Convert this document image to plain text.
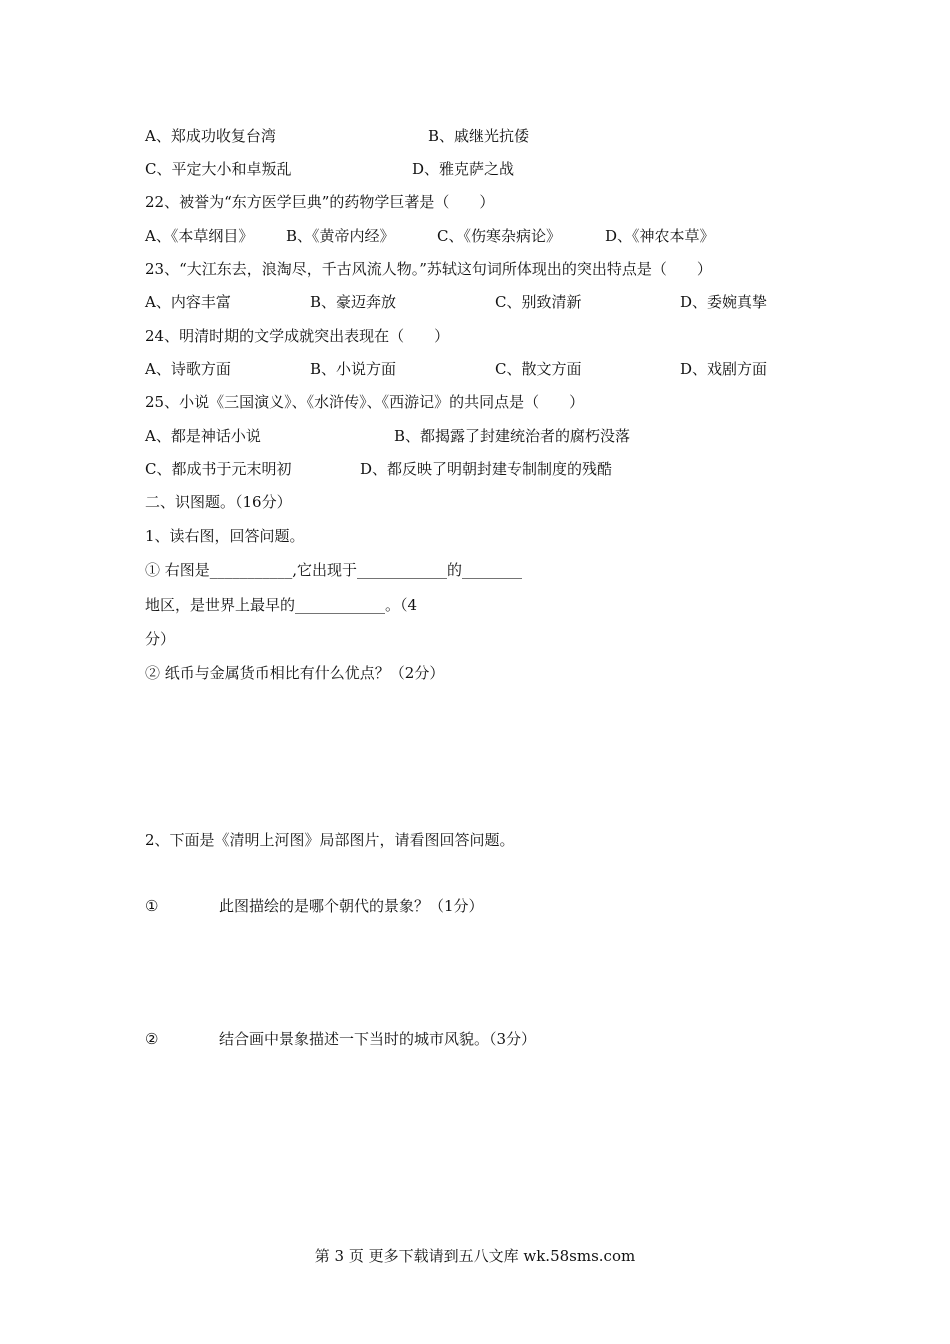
A、郑成功收复台湾	B、戚继光抗倭
C、平定大小和卓叛乱	D、雅克萨之战
22、被誉为“东方医学巨典”的药物学巨著是（　　）
A、《本草纲目》 B、《黄帝内经》	C、《伤寒杂病论》	D、《神农本草》
23、“大江东去，浪淘尽，千古风流人物。”苏轼这句词所体现出的突出特点是（　　）
A、内容丰富	B、豪迈奔放	C、别致清新	D、委婉真挚
24、明清时期的文学成就突出表现在（　　）
A、诗歌方面	B、小说方面	C、散文方面	D、戏剧方面
25、小说《三国演义》、《水浒传》、《西游记》的共同点是（　　）
A、都是神话小说	B、都揭露了封建统治者的腐朽没落
C、都成书于元末明初	D、都反映了明朝封建专制制度的残酷
二、识图题。（16分）
1、读右图，回答问题。
① 右图是___________,它出现于____________的________
地区，是世界上最早的____________。（4
分）
② 纸币与金属货币相比有什么优点？（2分）
2、下面是《清明上河图》局部图片，请看图回答问题。
①	此图描绘的是哪个朝代的景象？（1分）
②	结合画中景象描述一下当时的城市风貌。（3分）
第 3 页 更多下载请到五八文库 wk.58sms.com
